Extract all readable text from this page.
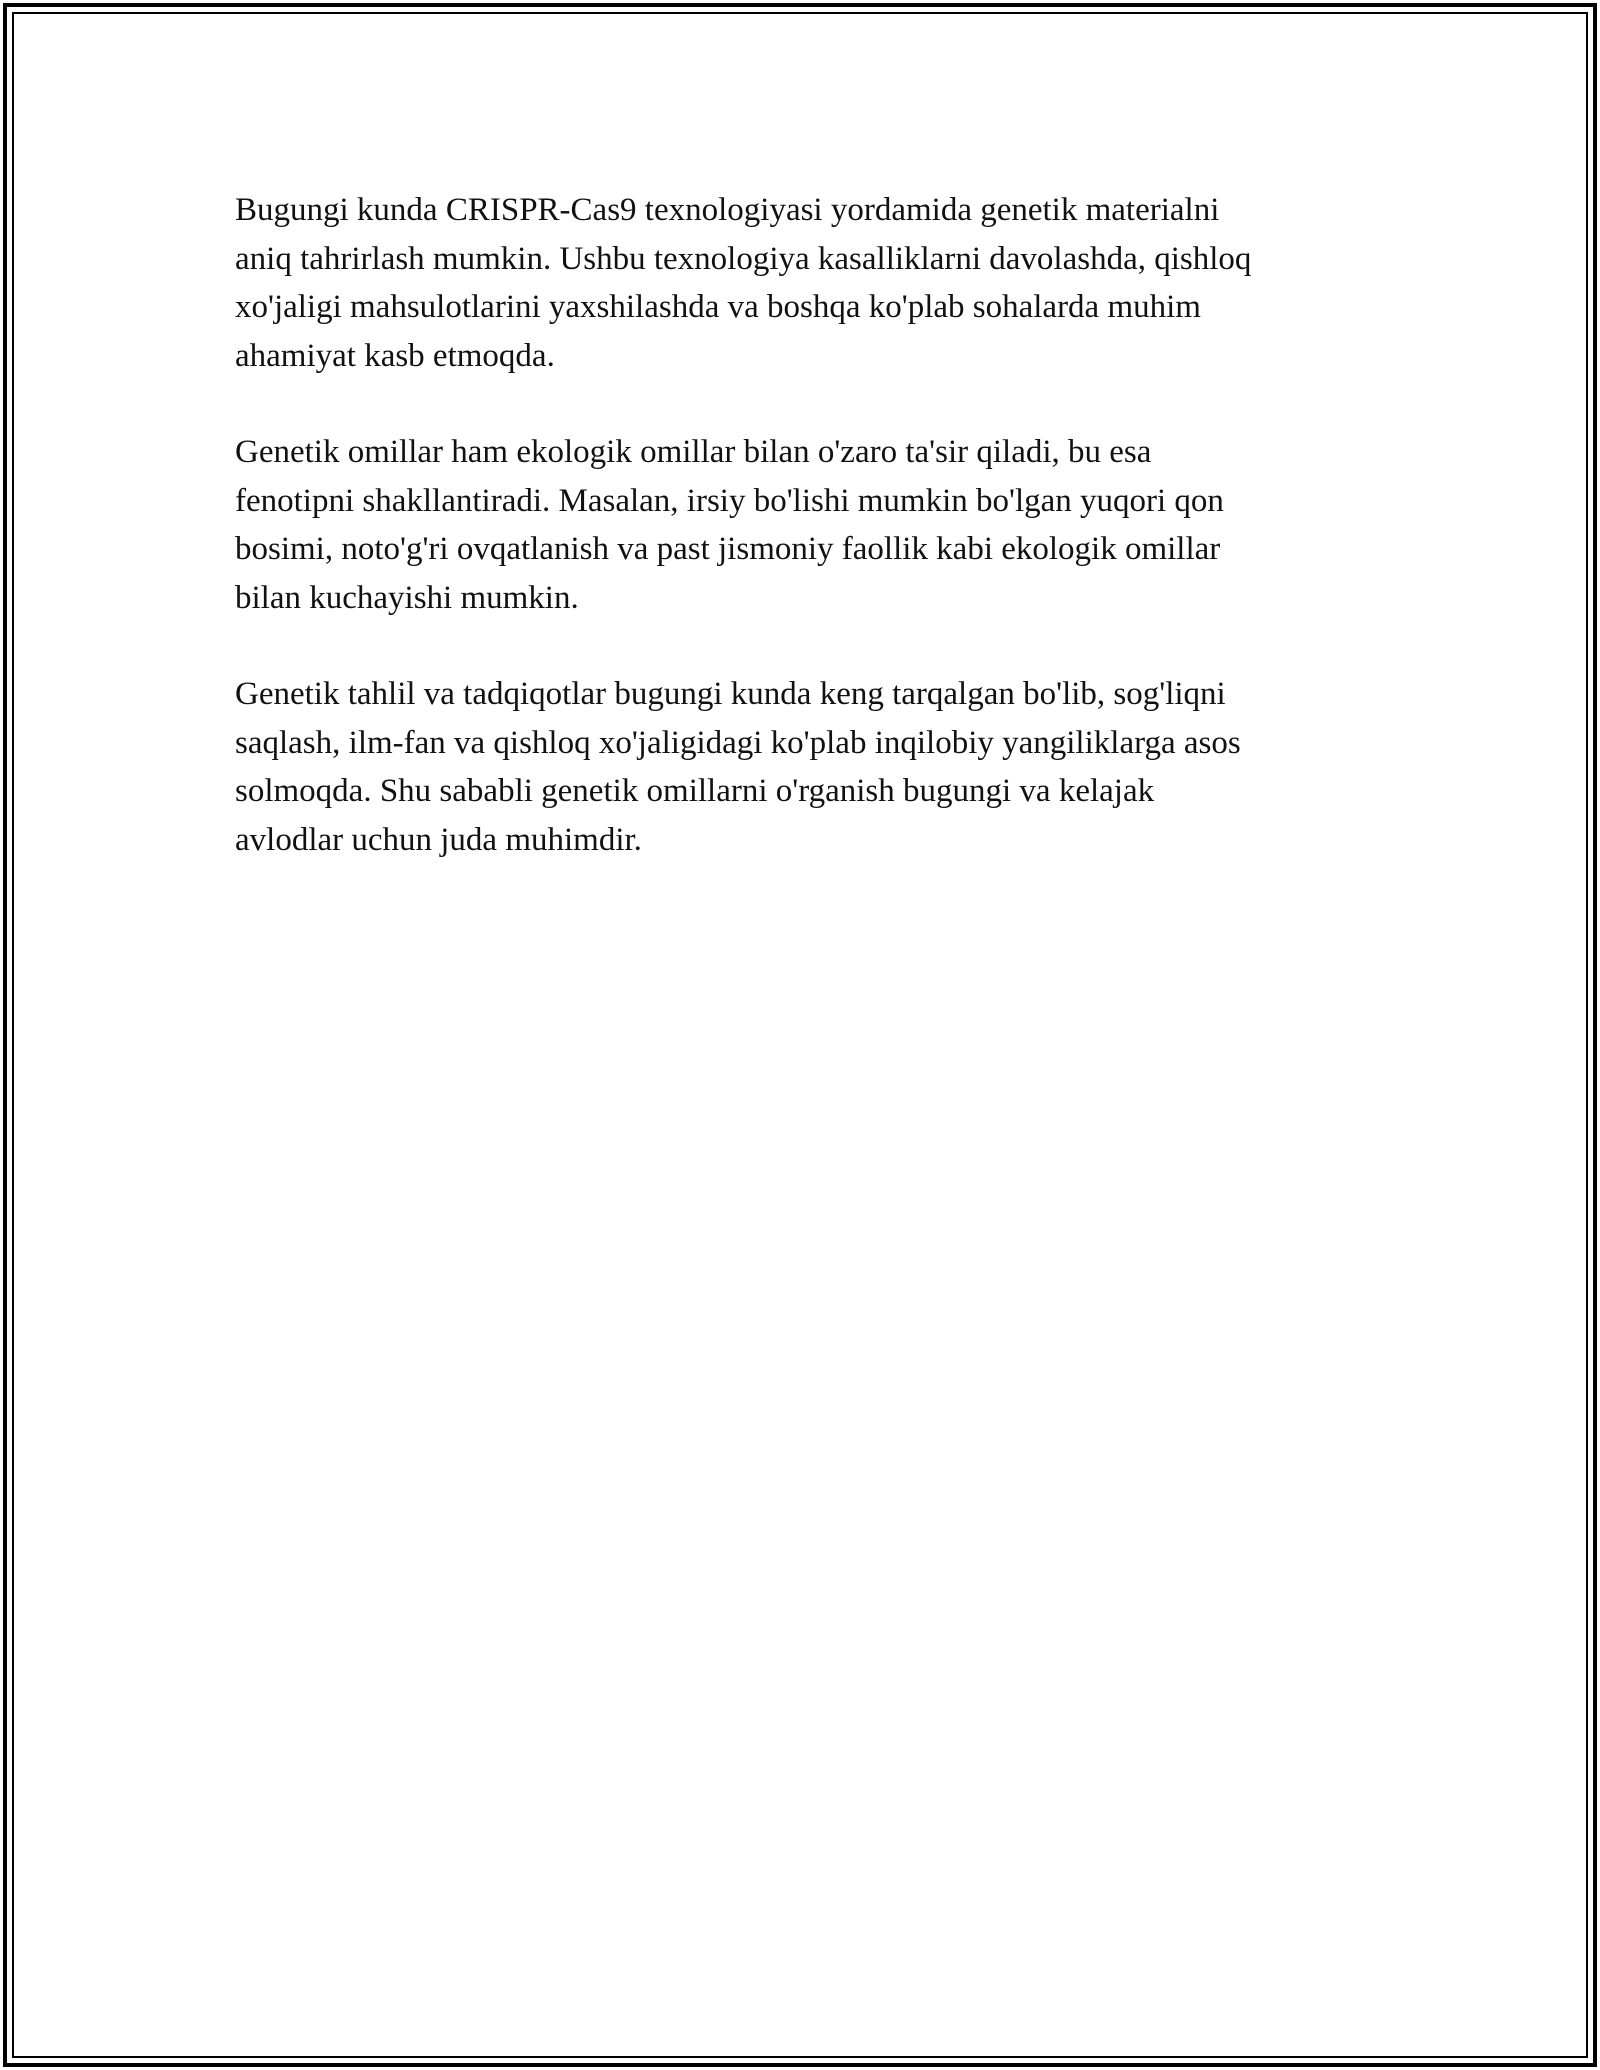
Bugungi kunda CRISPR-Cas9 texnologiyasi yordamida genetik materialni
aniq tahrirlash mumkin. Ushbu texnologiya kasalliklarni davolashda, qishloq
xo'jaligi mahsulotlarini yaxshilashda va boshqa ko'plab sohalarda muhim
ahamiyat kasb etmoqda.

Genetik omillar ham ekologik omillar bilan o'zaro ta'sir qiladi, bu esa
fenotipni shakllantiradi. Masalan, irsiy bo'lishi mumkin bo'lgan yuqori qon
bosimi, noto'g'ri ovqatlanish va past jismoniy faollik kabi ekologik omillar
bilan kuchayishi mumkin.

Genetik tahlil va tadqiqotlar bugungi kunda keng tarqalgan bo'lib, sog'liqni
saqlash, ilm-fan va qishloq xo'jaligidagi ko'plab inqilobiy yangiliklarga asos
solmoqda. Shu sababli genetik omillarni o'rganish bugungi va kelajak
avlodlar uchun juda muhimdir.
